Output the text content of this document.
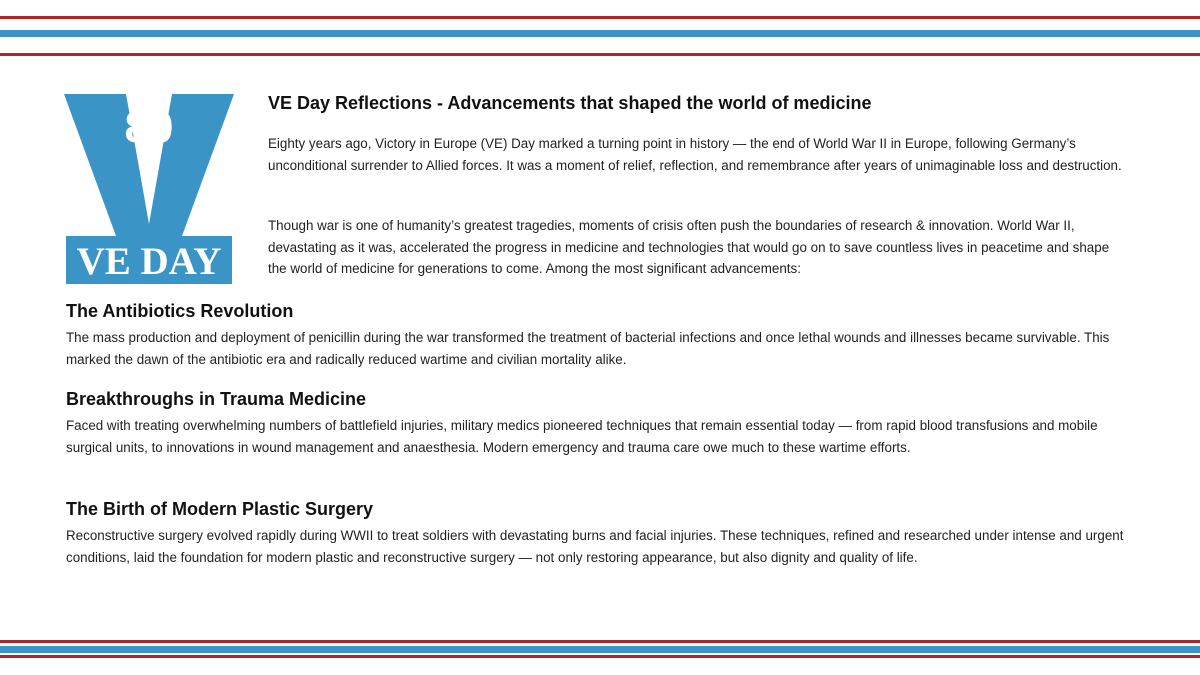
80
VE DAY
VE Day Reflections - Advancements that shaped the world of medicine
Eighty years ago, Victory in Europe (VE) Day marked a turning point in history — the end of World War II in Europe, following Germany’s unconditional surrender to Allied forces. It was a moment of relief, reflection, and remembrance after years of unimaginable loss and destruction.
Though war is one of humanity’s greatest tragedies, moments of crisis often push the boundaries of research & innovation. World War II, devastating as it was, accelerated the progress in medicine and technologies that would go on to save countless lives in peacetime and shape the world of medicine for generations to come. Among the most significant advancements:
The Antibiotics Revolution

The mass production and deployment of penicillin during the war transformed the treatment of bacterial infections and once lethal wounds and illnesses became survivable. This marked the dawn of the antibiotic era and radically reduced wartime and civilian mortality alike.

Breakthroughs in Trauma Medicine

Faced with treating overwhelming numbers of battlefield injuries, military medics pioneered techniques that remain essential today — from rapid blood transfusions and mobile surgical units, to innovations in wound management and anaesthesia. Modern emergency and trauma care owe much to these wartime efforts.

The Birth of Modern Plastic Surgery

Reconstructive surgery evolved rapidly during WWII to treat soldiers with devastating burns and facial injuries. These techniques, refined and researched under intense and urgent conditions, laid the foundation for modern plastic and reconstructive surgery — not only restoring appearance, but also dignity and quality of life.
